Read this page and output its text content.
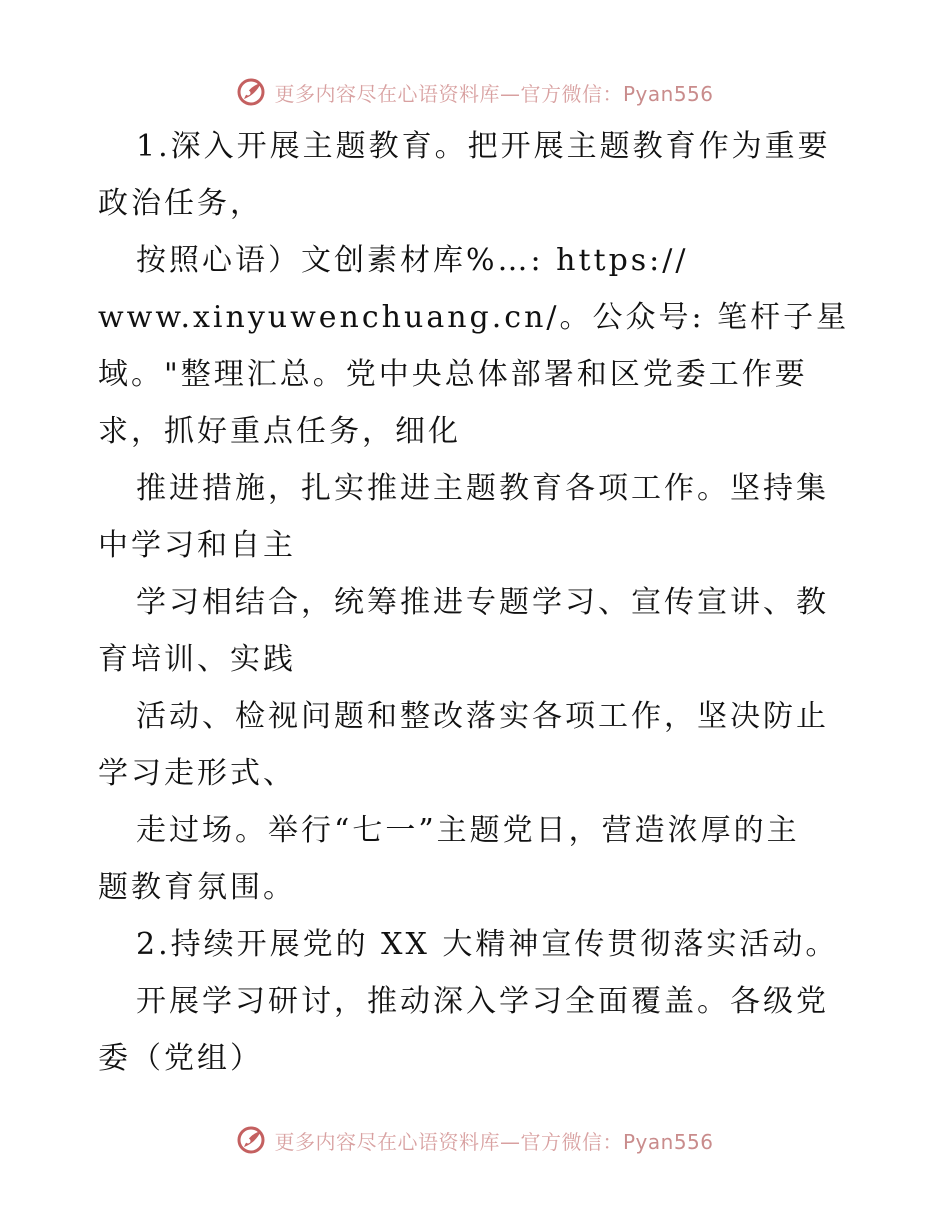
更多内容尽在心语资料库—官方微信：Pyan556
1.深入开展主题教育。把开展主题教育作为重要
政治任务，
按照心语）文创素材库%…: https://
www.xinyuwenchuang.cn/。公众号: 笔杆子星
域。"整理汇总。党中央总体部署和区党委工作要
求，抓好重点任务，细化
推进措施，扎实推进主题教育各项工作。坚持集
中学习和自主
学习相结合，统筹推进专题学习、宣传宣讲、教
育培训、实践
活动、检视问题和整改落实各项工作，坚决防止
学习走形式、
走过场。举行“七一”主题党日，营造浓厚的主
题教育氛围。
2.持续开展党的 XX 大精神宣传贯彻落实活动。
开展学习研讨，推动深入学习全面覆盖。各级党
委（党组）
更多内容尽在心语资料库—官方微信：Pyan556
